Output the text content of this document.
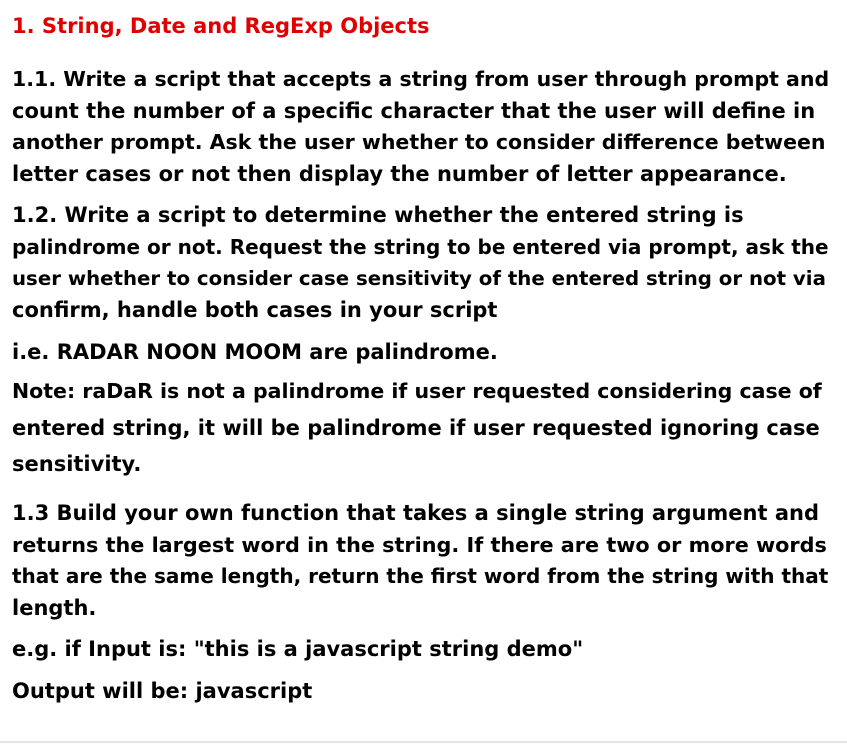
1. String, Date and RegExp Objects
1.1. Write a script that accepts a string from user through prompt and
count the number of a specific character that the user will define in
another prompt. Ask the user whether to consider difference between
letter cases or not then display the number of letter appearance.
1.2. Write a script to determine whether the entered string is
palindrome or not. Request the string to be entered via prompt, ask the
user whether to consider case sensitivity of the entered string or not via
confirm, handle both cases in your script
i.e. RADAR NOON MOOM are palindrome.
Note: raDaR is not a palindrome if user requested considering case of
entered string, it will be palindrome if user requested ignoring case
sensitivity.
1.3 Build your own function that takes a single string argument and
returns the largest word in the string. If there are two or more words
that are the same length, return the first word from the string with that
length.
e.g. if Input is: "this is a javascript string demo"
Output will be: javascript
